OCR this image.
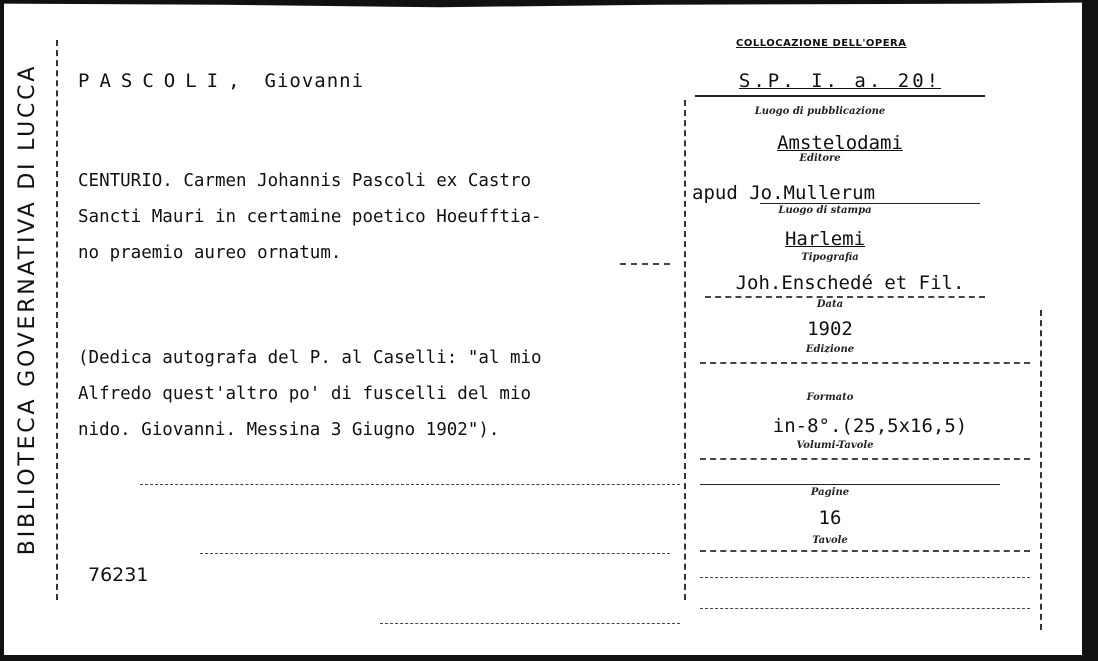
BIBLIOTECA GOVERNATIVA DI LUCCA PASCOLI, Giovanni
CENTURIO. Carmen Johannis Pascoli ex Castro
Sancti Mauri in certamine poetico Hoeufftia-
no praemio aureo ornatum.
(Dedica autografa del P. al Caselli: "al mio
Alfredo quest'altro po' di fuscelli del mio
nido. Giovanni. Messina 3 Giugno 1902").
76231
COLLOCAZIONE DELL'OPERA
S.P. I. a. 20!
Luogo di pubblicazione
Amstelodami
Editore
apud Jo.Mullerum
Luogo di stampa
Harlemi
Tipografia
Joh.Enschedé et Fil.
Data
1902
Edizione
Formato
in-8°.(25,5x16,5)
Volumi-Tavole
Pagine
16
Tavole
